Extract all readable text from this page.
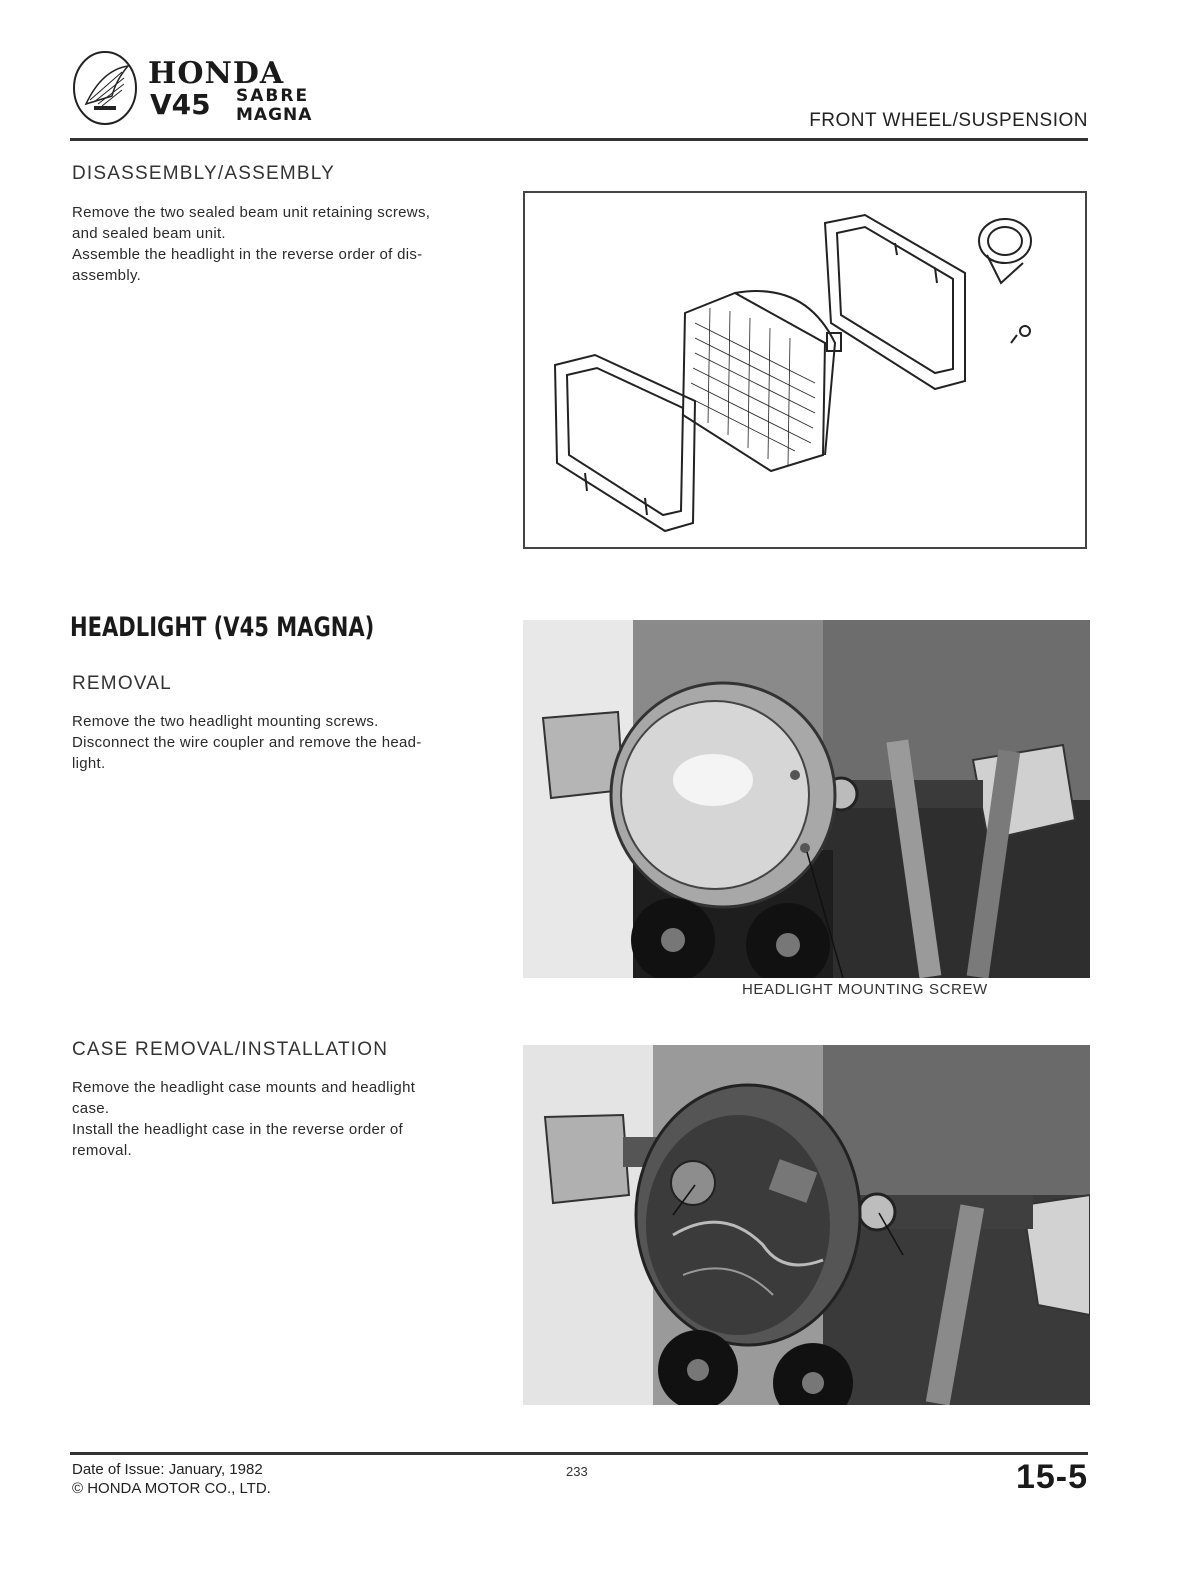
HONDA
V45 SABRE
MAGNA	FRONT WHEEL/SUSPENSION
DISASSEMBLY/ASSEMBLY
Remove the two sealed beam unit retaining screws,
and sealed beam unit.
Assemble the headlight in the reverse order of dis-
assembly.
HEADLIGHT (V45 MAGNA)
REMOVAL
Remove the two headlight mounting screws.
Disconnect the wire coupler and remove the head-
light.
HEADLIGHT MOUNTING SCREW
CASE REMOVAL/INSTALLATION
Remove the headlight case mounts and headlight
case.
Install the headlight case in the reverse order of
removal.
Date of Issue: January, 1982
© HONDA MOTOR CO., LTD.
233	15-5
